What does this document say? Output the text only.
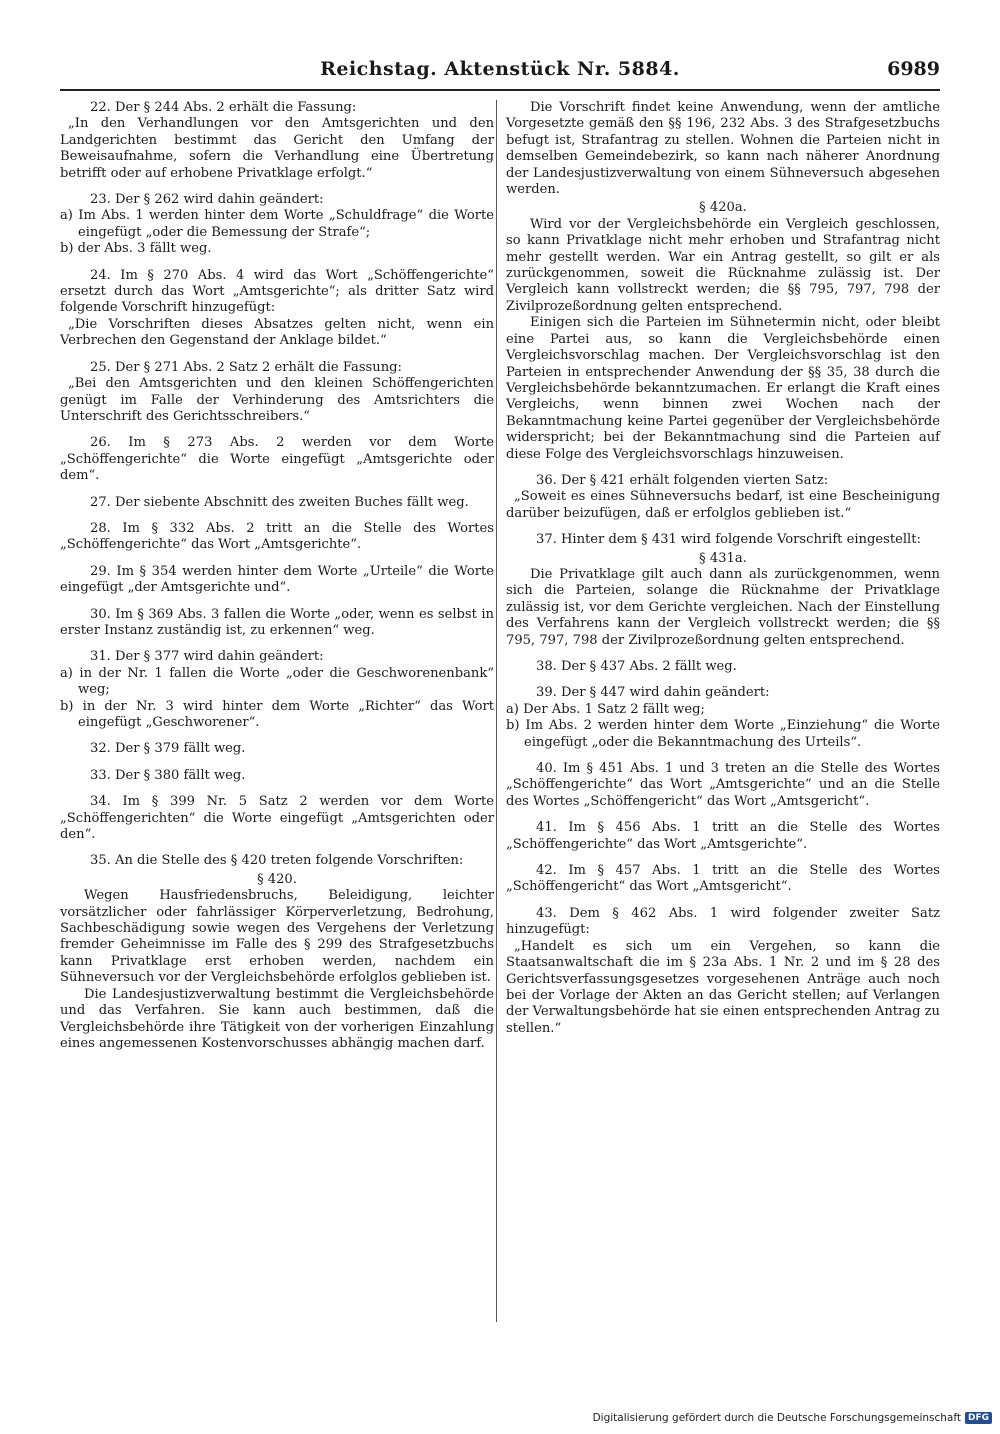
Reichstag. Aktenstück Nr. 5884.	6989

22. Der § 244 Abs. 2 erhält die Fassung:

„In den Verhandlungen vor den Amtsgerichten und den Landgerichten bestimmt das Gericht den Umfang der Beweisaufnahme, sofern die Verhandlung eine Übertretung betrifft oder auf erhobene Privatklage erfolgt.“

23. Der § 262 wird dahin geändert:

a) Im Abs. 1 werden hinter dem Worte „Schuldfrage“ die Worte eingefügt „oder die Bemessung der Strafe“;

b) der Abs. 3 fällt weg.

24. Im § 270 Abs. 4 wird das Wort „Schöffengerichte“ ersetzt durch das Wort „Amtsgerichte“; als dritter Satz wird folgende Vorschrift hinzugefügt:

„Die Vorschriften dieses Absatzes gelten nicht, wenn ein Verbrechen den Gegenstand der Anklage bildet.“

25. Der § 271 Abs. 2 Satz 2 erhält die Fassung:

„Bei den Amtsgerichten und den kleinen Schöffengerichten genügt im Falle der Verhinderung des Amtsrichters die Unterschrift des Gerichtsschreibers.“

26. Im § 273 Abs. 2 werden vor dem Worte „Schöffengerichte“ die Worte eingefügt „Amtsgerichte oder dem“.

27. Der siebente Abschnitt des zweiten Buches fällt weg.

28. Im § 332 Abs. 2 tritt an die Stelle des Wortes „Schöffengerichte“ das Wort „Amtsgerichte“.

29. Im § 354 werden hinter dem Worte „Urteile“ die Worte eingefügt „der Amtsgerichte und“.

30. Im § 369 Abs. 3 fallen die Worte „oder, wenn es selbst in erster Instanz zuständig ist, zu erkennen“ weg.

31. Der § 377 wird dahin geändert:

a) in der Nr. 1 fallen die Worte „oder die Geschworenenbank“ weg;

b) in der Nr. 3 wird hinter dem Worte „Richter“ das Wort eingefügt „Geschworener“.

32. Der § 379 fällt weg.

33. Der § 380 fällt weg.

34. Im § 399 Nr. 5 Satz 2 werden vor dem Worte „Schöffengerichten“ die Worte eingefügt „Amtsgerichten oder den“.

35. An die Stelle des § 420 treten folgende Vorschriften:

§ 420.

Wegen Hausfriedensbruchs, Beleidigung, leichter vorsätzlicher oder fahrlässiger Körperverletzung, Bedrohung, Sachbeschädigung sowie wegen des Vergehens der Verletzung fremder Geheimnisse im Falle des § 299 des Strafgesetzbuchs kann Privatklage erst erhoben werden, nachdem ein Sühneversuch vor der Vergleichsbehörde erfolglos geblieben ist.

Die Landesjustizverwaltung bestimmt die Vergleichsbehörde und das Verfahren. Sie kann auch bestimmen, daß die Vergleichsbehörde ihre Tätigkeit von der vorherigen Einzahlung eines angemessenen Kostenvorschusses abhängig machen darf.

Die Vorschrift findet keine Anwendung, wenn der amtliche Vorgesetzte gemäß den §§ 196, 232 Abs. 3 des Strafgesetzbuchs befugt ist, Strafantrag zu stellen. Wohnen die Parteien nicht in demselben Gemeindebezirk, so kann nach näherer Anordnung der Landesjustizverwaltung von einem Sühneversuch abgesehen werden.

§ 420a.

Wird vor der Vergleichsbehörde ein Vergleich geschlossen, so kann Privatklage nicht mehr erhoben und Strafantrag nicht mehr gestellt werden. War ein Antrag gestellt, so gilt er als zurückgenommen, soweit die Rücknahme zulässig ist. Der Vergleich kann vollstreckt werden; die §§ 795, 797, 798 der Zivilprozeßordnung gelten entsprechend.

Einigen sich die Parteien im Sühnetermin nicht, oder bleibt eine Partei aus, so kann die Vergleichsbehörde einen Vergleichsvorschlag machen. Der Vergleichsvorschlag ist den Parteien in entsprechender Anwendung der §§ 35, 38 durch die Vergleichsbehörde bekanntzumachen. Er erlangt die Kraft eines Vergleichs, wenn binnen zwei Wochen nach der Bekanntmachung keine Partei gegenüber der Vergleichsbehörde widerspricht; bei der Bekanntmachung sind die Parteien auf diese Folge des Vergleichsvorschlags hinzuweisen.

36. Der § 421 erhält folgenden vierten Satz:

„Soweit es eines Sühneversuchs bedarf, ist eine Bescheinigung darüber beizufügen, daß er erfolglos geblieben ist.“

37. Hinter dem § 431 wird folgende Vorschrift eingestellt:

§ 431a.

Die Privatklage gilt auch dann als zurückgenommen, wenn sich die Parteien, solange die Rücknahme der Privatklage zulässig ist, vor dem Gerichte vergleichen. Nach der Einstellung des Verfahrens kann der Vergleich vollstreckt werden; die §§ 795, 797, 798 der Zivilprozeßordnung gelten entsprechend.

38. Der § 437 Abs. 2 fällt weg.

39. Der § 447 wird dahin geändert:

a) Der Abs. 1 Satz 2 fällt weg;

b) Im Abs. 2 werden hinter dem Worte „Einziehung“ die Worte eingefügt „oder die Bekanntmachung des Urteils“.

40. Im § 451 Abs. 1 und 3 treten an die Stelle des Wortes „Schöffengerichte“ das Wort „Amtsgerichte“ und an die Stelle des Wortes „Schöffengericht“ das Wort „Amtsgericht“.

41. Im § 456 Abs. 1 tritt an die Stelle des Wortes „Schöffengerichte“ das Wort „Amtsgerichte“.

42. Im § 457 Abs. 1 tritt an die Stelle des Wortes „Schöffengericht“ das Wort „Amtsgericht“.

43. Dem § 462 Abs. 1 wird folgender zweiter Satz hinzugefügt:

„Handelt es sich um ein Vergehen, so kann die Staatsanwaltschaft die im § 23a Abs. 1 Nr. 2 und im § 28 des Gerichtsverfassungsgesetzes vorgesehenen Anträge auch noch bei der Vorlage der Akten an das Gericht stellen; auf Verlangen der Verwaltungsbehörde hat sie einen entsprechenden Antrag zu stellen.“

Digitalisierung gefördert durch die Deutsche Forschungsgemeinschaft DFG
